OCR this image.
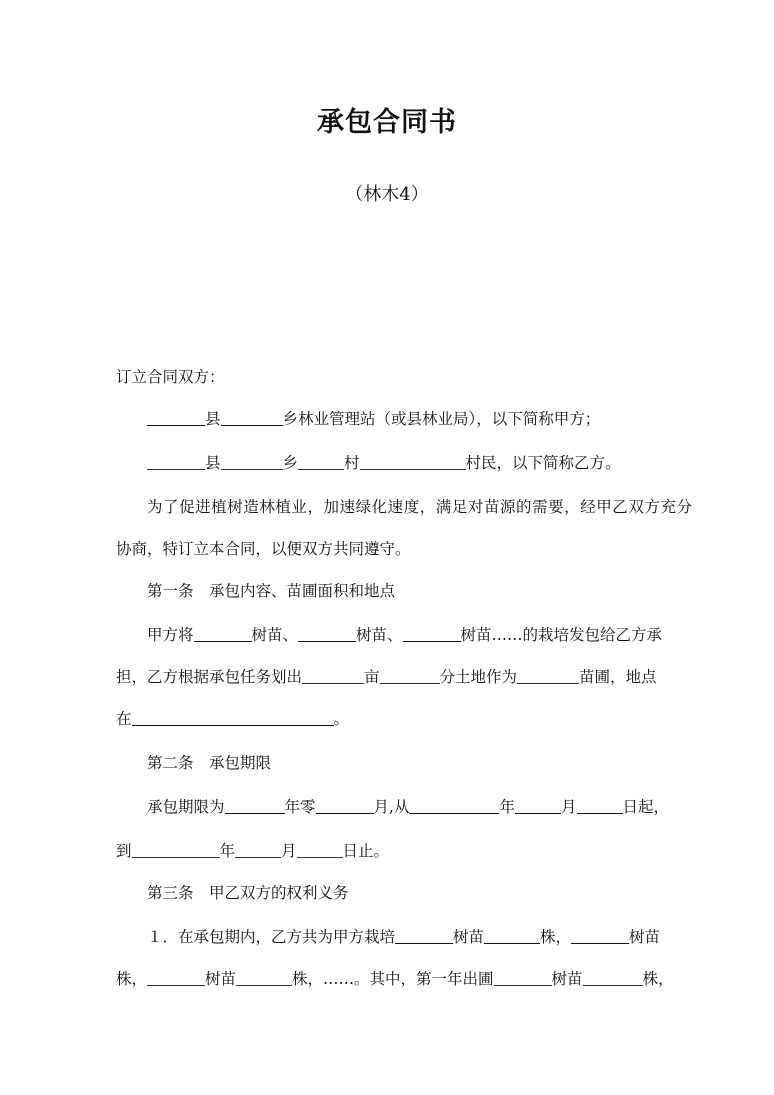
承包合同书
（林木4）
订立合同双方：
县	乡林业管理站（或县林业局），以下简称甲方；
县	乡	村	村民，以下简称乙方。
为了促进植树造林植业，加速绿化速度，满足对苗源的需要，经甲乙双方充分
协商，特订立本合同，以便双方共同遵守。
第一条　承包内容、苗圃面积和地点
甲方将	树苗、	树苗、	树苗……的栽培发包给乙方承
担，乙方根据承包任务划出	亩	分土地作为	苗圃，地点
在	。
第二条　承包期限
承包期限为	年零	月,从	年	月	日起，
到	年	月	日止。
第三条　甲乙双方的权利义务
１．在承包期内，乙方共为甲方栽培	树苗	株，	树苗
株，	树苗	株，……。其中，第一年出圃	树苗	株，
